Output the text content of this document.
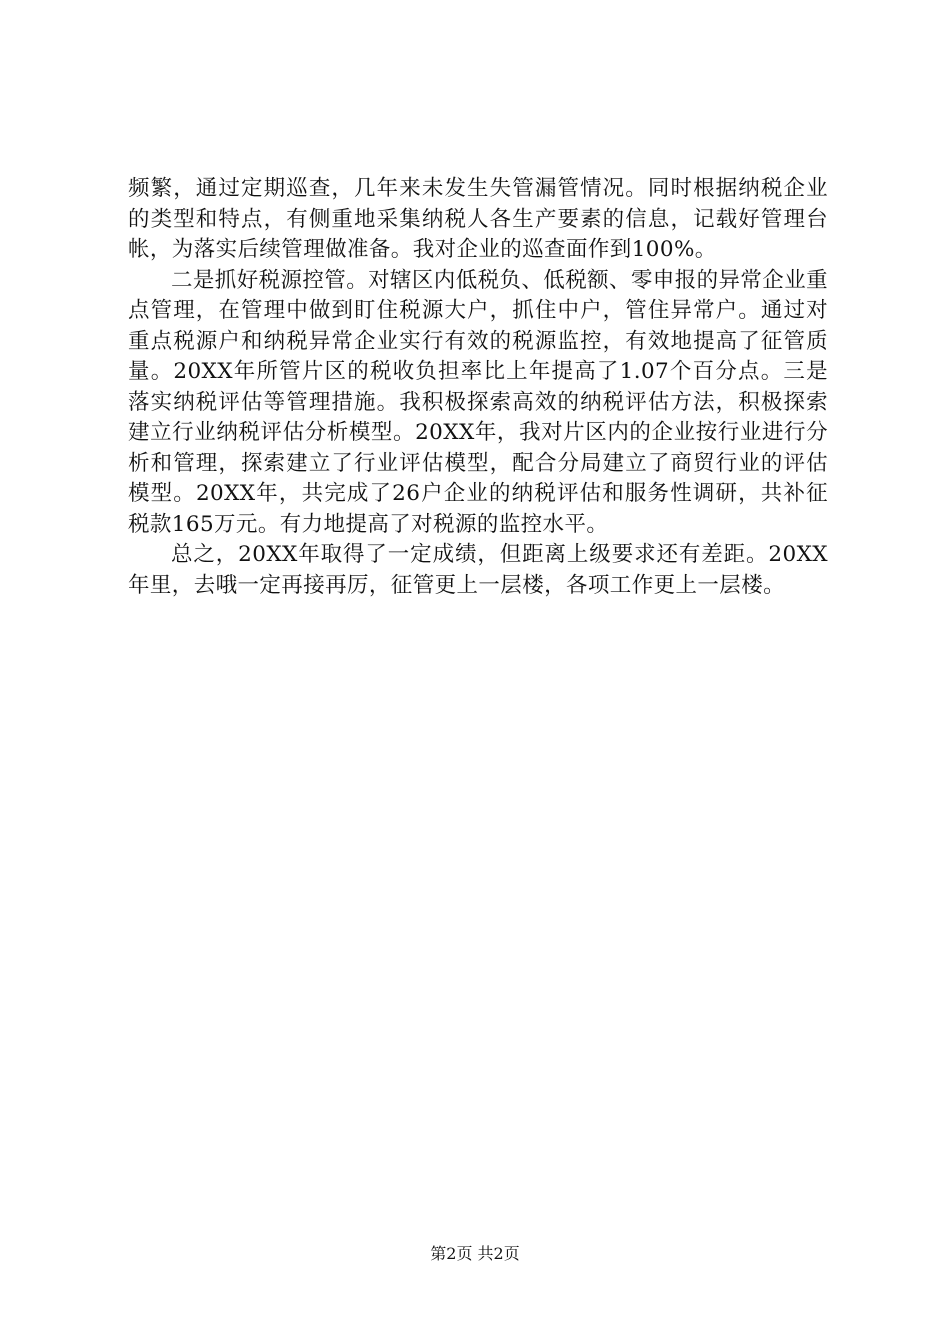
频繁，通过定期巡查，几年来未发生失管漏管情况。同时根据纳税企业的类型和特点，有侧重地采集纳税人各生产要素的信息，记载好管理台帐，为落实后续管理做准备。我对企业的巡查面作到100%。

二是抓好税源控管。对辖区内低税负、低税额、零申报的异常企业重点管理，在管理中做到盯住税源大户，抓住中户，管住异常户。通过对重点税源户和纳税异常企业实行有效的税源监控，有效地提高了征管质量。20XX年所管片区的税收负担率比上年提高了1.07个百分点。三是落实纳税评估等管理措施。我积极探索高效的纳税评估方法，积极探索建立行业纳税评估分析模型。20XX年，我对片区内的企业按行业进行分析和管理，探索建立了行业评估模型，配合分局建立了商贸行业的评估模型。20XX年，共完成了26户企业的纳税评估和服务性调研，共补征税款165万元。有力地提高了对税源的监控水平。

总之，20XX年取得了一定成绩，但距离上级要求还有差距。20XX年里，去哦一定再接再厉，征管更上一层楼，各项工作更上一层楼。

第2页 共2页
